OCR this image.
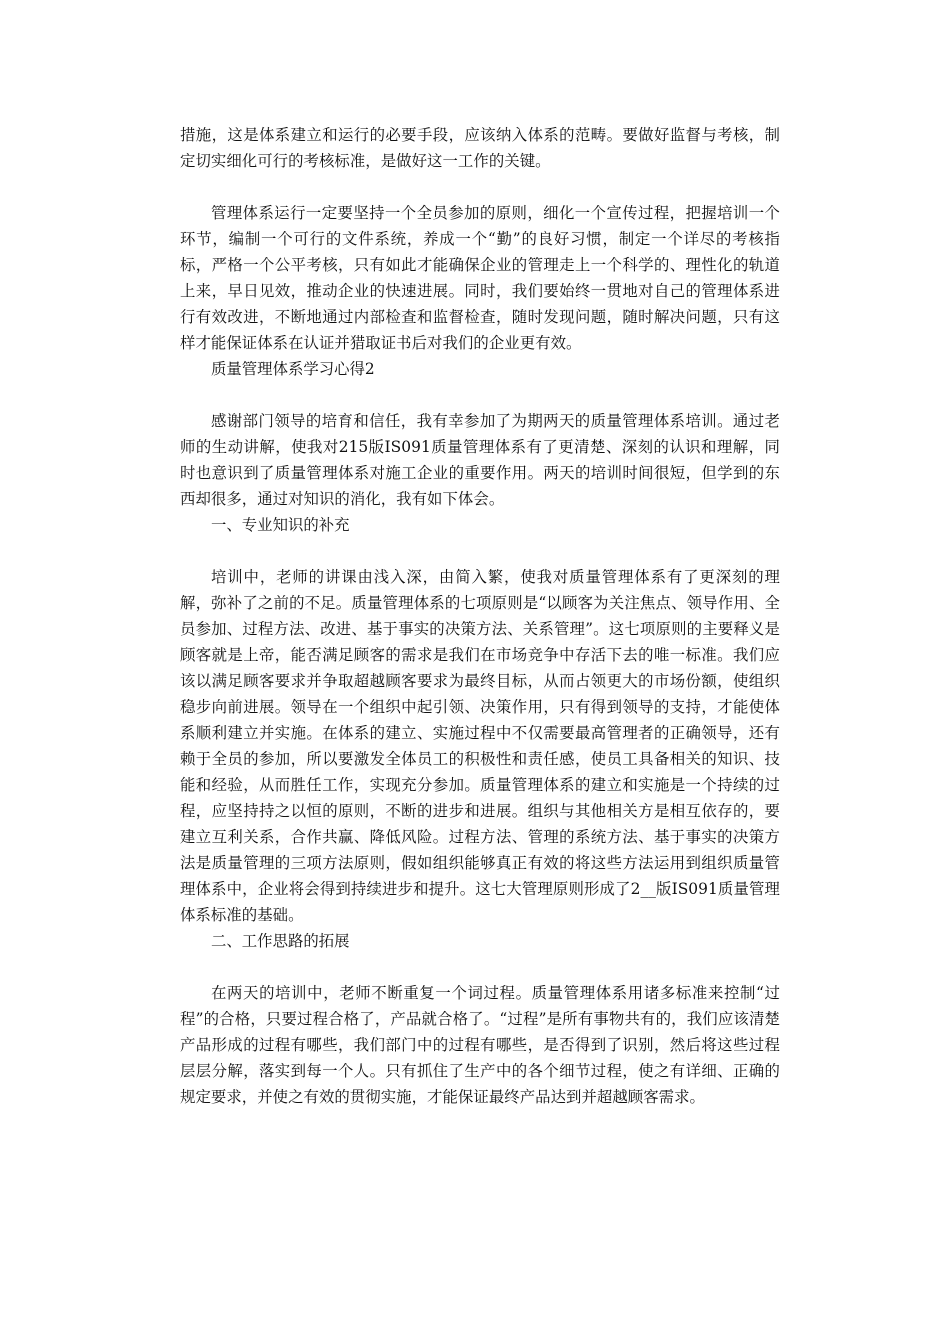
措施，这是体系建立和运行的必要手段，应该纳入体系的范畴。要做好监督与考核，制定切实细化可行的考核标准，是做好这一工作的关键。

管理体系运行一定要坚持一个全员参加的原则，细化一个宣传过程，把握培训一个环节，编制一个可行的文件系统，养成一个“勤”的良好习惯，制定一个详尽的考核指标，严格一个公平考核，只有如此才能确保企业的管理走上一个科学的、理性化的轨道上来，早日见效，推动企业的快速进展。同时，我们要始终一贯地对自己的管理体系进行有效改进，不断地通过内部检查和监督检查，随时发现问题，随时解决问题，只有这样才能保证体系在认证并猎取证书后对我们的企业更有效。

质量管理体系学习心得2

感谢部门领导的培育和信任，我有幸参加了为期两天的质量管理体系培训。通过老师的生动讲解，使我对215版IS091质量管理体系有了更清楚、深刻的认识和理解，同时也意识到了质量管理体系对施工企业的重要作用。两天的培训时间很短，但学到的东西却很多，通过对知识的消化，我有如下体会。

一、专业知识的补充

培训中，老师的讲课由浅入深，由简入繁，使我对质量管理体系有了更深刻的理解，弥补了之前的不足。质量管理体系的七项原则是“以顾客为关注焦点、领导作用、全员参加、过程方法、改进、基于事实的决策方法、关系管理”。这七项原则的主要释义是顾客就是上帝，能否满足顾客的需求是我们在市场竞争中存活下去的唯一标准。我们应该以满足顾客要求并争取超越顾客要求为最终目标，从而占领更大的市场份额，使组织稳步向前进展。领导在一个组织中起引领、决策作用，只有得到领导的支持，才能使体系顺利建立并实施。在体系的建立、实施过程中不仅需要最高管理者的正确领导，还有赖于全员的参加，所以要激发全体员工的积极性和责任感，使员工具备相关的知识、技能和经验，从而胜任工作，实现充分参加。质量管理体系的建立和实施是一个持续的过程，应坚持持之以恒的原则，不断的进步和进展。组织与其他相关方是相互依存的，要建立互利关系，合作共赢、降低风险。过程方法、管理的系统方法、基于事实的决策方法是质量管理的三项方法原则，假如组织能够真正有效的将这些方法运用到组织质量管理体系中，企业将会得到持续进步和提升。这七大管理原则形成了2__版IS091质量管理体系标准的基础。

二、工作思路的拓展

在两天的培训中，老师不断重复一个词过程。质量管理体系用诸多标准来控制“过程”的合格，只要过程合格了，产品就合格了。“过程”是所有事物共有的，我们应该清楚产品形成的过程有哪些，我们部门中的过程有哪些，是否得到了识别，然后将这些过程层层分解，落实到每一个人。只有抓住了生产中的各个细节过程，使之有详细、正确的规定要求，并使之有效的贯彻实施，才能保证最终产品达到并超越顾客需求。
